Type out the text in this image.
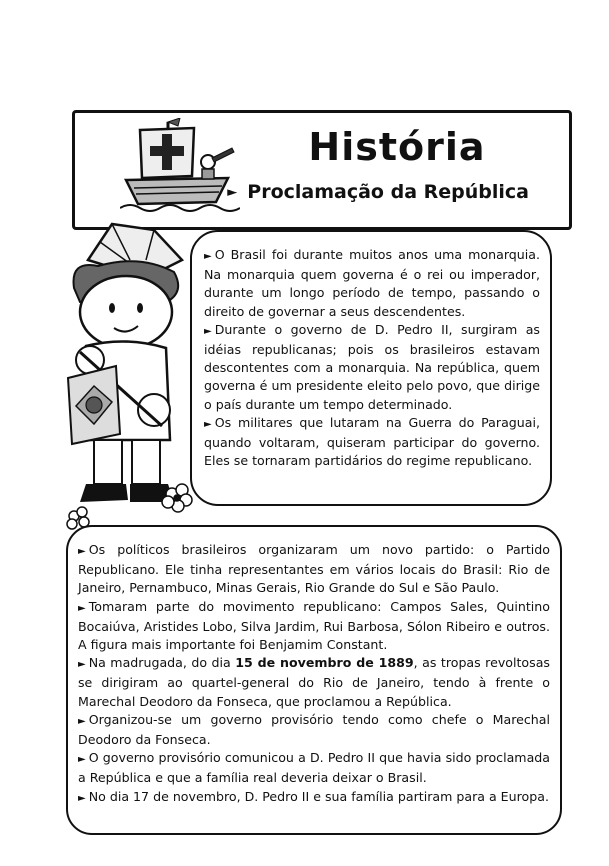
História
► Proclamação da República

► O Brasil foi durante muitos anos uma monarquia. Na monarquia quem governa é o rei ou imperador, durante um longo período de tempo, passando o direito de governar a seus descendentes.

► Durante o governo de D. Pedro II, surgiram as idéias republicanas; pois os brasileiros estavam descontentes com a monarquia. Na república, quem governa é um presidente eleito pelo povo, que dirige o país durante um tempo determinado.

► Os militares que lutaram na Guerra do Paraguai, quando voltaram, quiseram participar do governo. Eles se tornaram partidários do regime republicano.

► Os políticos brasileiros organizaram um novo partido: o Partido Republicano. Ele tinha representantes em vários locais do Brasil: Rio de Janeiro, Pernambuco, Minas Gerais, Rio Grande do Sul e São Paulo.

► Tomaram parte do movimento republicano: Campos Sales, Quintino Bocaiúva, Aristides Lobo, Silva Jardim, Rui Barbosa, Sólon Ribeiro e outros. A figura mais importante foi Benjamim Constant.

► Na madrugada, do dia 15 de novembro de 1889, as tropas revoltosas se dirigiram ao quartel-general do Rio de Janeiro, tendo à frente o Marechal Deodoro da Fonseca, que proclamou a República.

► Organizou-se um governo provisório tendo como chefe o Marechal Deodoro da Fonseca.

► O governo provisório comunicou a D. Pedro II que havia sido proclamada a República e que a família real deveria deixar o Brasil.

► No dia 17 de novembro, D. Pedro II e sua família partiram para a Europa.
